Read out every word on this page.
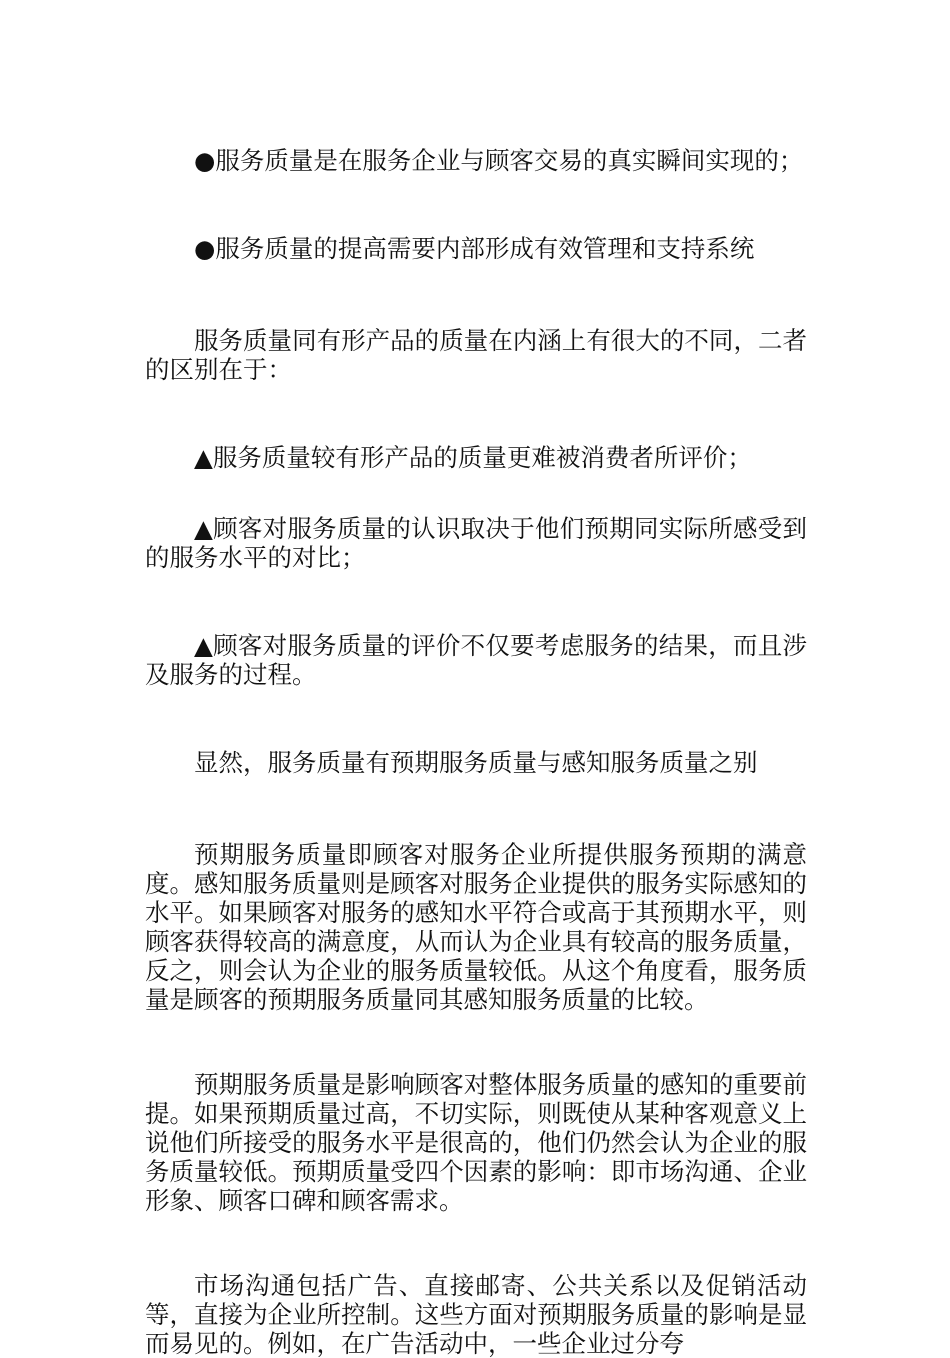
●服务质量是在服务企业与顾客交易的真实瞬间实现的；

●服务质量的提高需要内部形成有效管理和支持系统

服务质量同有形产品的质量在内涵上有很大的不同，二者的区别在于：

▲服务质量较有形产品的质量更难被消费者所评价；

▲顾客对服务质量的认识取决于他们预期同实际所感受到的服务水平的对比；

▲顾客对服务质量的评价不仅要考虑服务的结果，而且涉及服务的过程。

显然，服务质量有预期服务质量与感知服务质量之别

预期服务质量即顾客对服务企业所提供服务预期的满意度。感知服务质量则是顾客对服务企业提供的服务实际感知的水平。如果顾客对服务的感知水平符合或高于其预期水平，则顾客获得较高的满意度，从而认为企业具有较高的服务质量，反之，则会认为企业的服务质量较低。从这个角度看，服务质量是顾客的预期服务质量同其感知服务质量的比较。

预期服务质量是影响顾客对整体服务质量的感知的重要前提。如果预期质量过高，不切实际，则既使从某种客观意义上说他们所接受的服务水平是很高的，他们仍然会认为企业的服务质量较低。预期质量受四个因素的影响：即市场沟通、企业形象、顾客口碑和顾客需求。

市场沟通包括广告、直接邮寄、公共关系以及促销活动等，直接为企业所控制。这些方面对预期服务质量的影响是显而易见的。例如，在广告活动中，一些企业过分夸
